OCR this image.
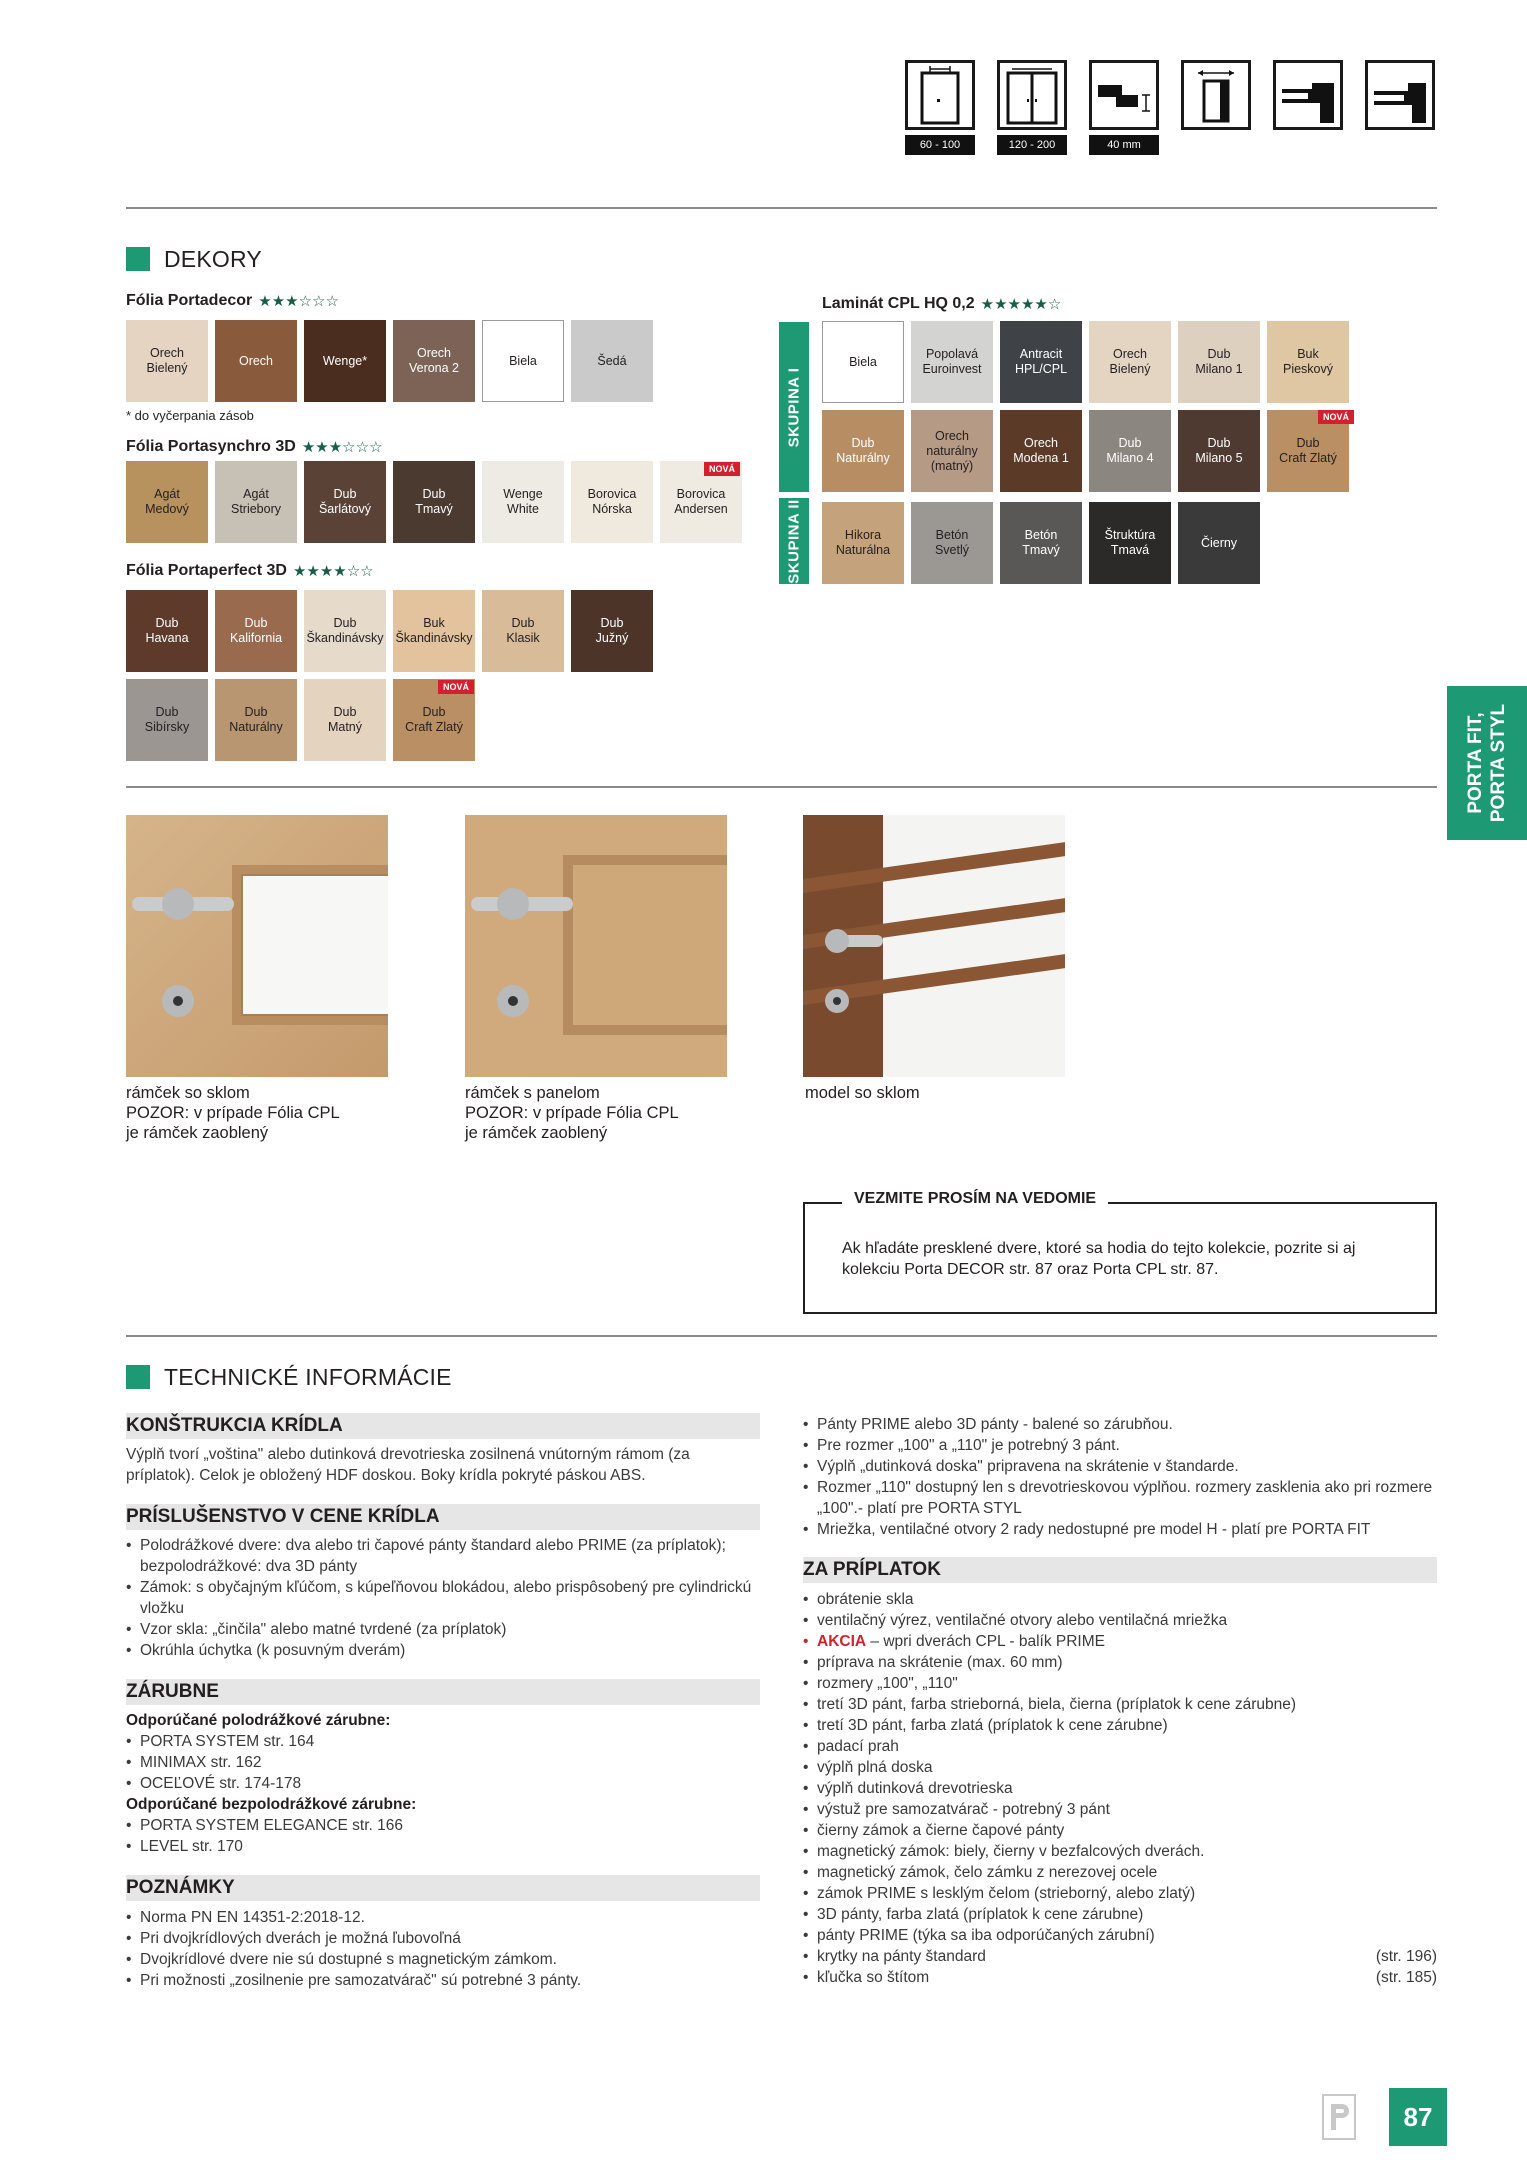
60 - 100	120 - 200	40 mm
DEKORY
Fólia Portadecor ★★★☆☆☆
Orech
Bielený
Orech	Wenge*
Orech
Verona 2
Biela	Šedá
* do vyčerpania zásob
Fólia Portasynchro 3D ★★★☆☆☆
Agát
Medový
Agát
Striebory
Dub
Šarlátový
Dub
Tmavý
Wenge
White
Borovica
Nórska
Borovica
Andersen
NOVÁ
Fólia Portaperfect 3D ★★★★☆☆
Dub
Havana
Dub
Kalifornia
Dub
Škandinávsky
Buk
Škandinávsky
Dub
Klasik
Dub
Južný
Dub
Sibírsky
Dub
Naturálny
Dub
Matný
Dub
Craft Zlatý
NOVÁ
Laminát CPL HQ 0,2 ★★★★★☆
SKUPINA I
SKUPINA II
Biela
Popolavá
Euroinvest
Antracit
HPL/CPL
Orech
Bielený
Dub
Milano 1
Buk
Pieskový
Dub
Naturálny
Orech
naturálny
(matný)
Orech
Modena 1
Dub
Milano 4
Dub
Milano 5
Dub
Craft Zlatý
Hikora
Naturálna
Betón
Svetlý
Betón
Tmavý
Štruktúra
Tmavá
Čierny
NOVÁ
PORTA FIT, PORTA STYL
rámček so sklom
POZOR: v prípade Fólia CPL
je rámček zaoblený
rámček s panelom
POZOR: v prípade Fólia CPL
je rámček zaoblený
model so sklom
VEZMITE PROSÍM NA VEDOMIE
Ak hľadáte presklené dvere, ktoré sa hodia do tejto kolekcie, pozrite si aj kolekciu Porta DECOR str. 87 oraz Porta CPL str. 87.
TECHNICKÉ INFORMÁCIE
KONŠTRUKCIA KRÍDLA
Výplň tvorí „voština" alebo dutinková drevotrieska zosilnená vnútorným rámom (za príplatok). Celok je obložený HDF doskou. Boky krídla pokryté páskou ABS.
PRÍSLUŠENSTVO V CENE KRÍDLA
• Polodrážkové dvere: dva alebo tri čapové pánty štandard alebo PRIME (za príplatok); bezpolodrážkové: dva 3D pánty
• Zámok: s obyčajným kľúčom, s kúpeľňovou blokádou, alebo prispôsobený pre cylindrickú vložku
• Vzor skla: „činčila" alebo matné tvrdené (za príplatok)
• Okrúhla úchytka (k posuvným dverám)
ZÁRUBNE
Odporúčané polodrážkové zárubne:
• PORTA SYSTEM str. 164
• MINIMAX str. 162
• OCEĽOVÉ str. 174-178
Odporúčané bezpolodrážkové zárubne:
• PORTA SYSTEM ELEGANCE str. 166
• LEVEL str. 170
POZNÁMKY
• Norma PN EN 14351-2:2018-12.
• Pri dvojkrídlových dverách je možná ľubovoľná
• Dvojkrídlové dvere nie sú dostupné s magnetickým zámkom.
• Pri možnosti „zosilnenie pre samozatvárač" sú potrebné 3 pánty.
• Pánty PRIME alebo 3D pánty - balené so zárubňou.
• Pre rozmer „100" a „110" je potrebný 3 pánt.
• Výplň „dutinková doska" pripravena na skrátenie v štandarde.
• Rozmer „110" dostupný len s drevotrieskovou výplňou. rozmery zasklenia ako pri rozmere „100".- platí pre PORTA STYL
• Mriežka, ventilačné otvory 2 rady nedostupné pre model H - platí pre PORTA FIT
ZA PRÍPLATOK
• obrátenie skla
• ventilačný výrez, ventilačné otvory alebo ventilačná mriežka
• AKCIA – wpri dverách CPL - balík PRIME
• príprava na skrátenie (max. 60 mm)
• rozmery „100", „110"
• tretí 3D pánt, farba strieborná, biela, čierna (príplatok k cene zárubne)
• tretí 3D pánt, farba zlatá (príplatok k cene zárubne)
• padací prah
• výplň plná doska
• výplň dutinková drevotrieska
• výstuž pre samozatvárač - potrebný 3 pánt
• čierny zámok a čierne čapové pánty
• magnetický zámok: biely, čierny v bezfalcových dverách.
• magnetický zámok, čelo zámku z nerezovej ocele
• zámok PRIME s lesklým čelom (strieborný, alebo zlatý)
• 3D pánty, farba zlatá (príplatok k cene zárubne)
• pánty PRIME (týka sa iba odporúčaných zárubní)
• krytky na pánty štandard	(str. 196)
• kľučka so štítom	(str. 185)
87
